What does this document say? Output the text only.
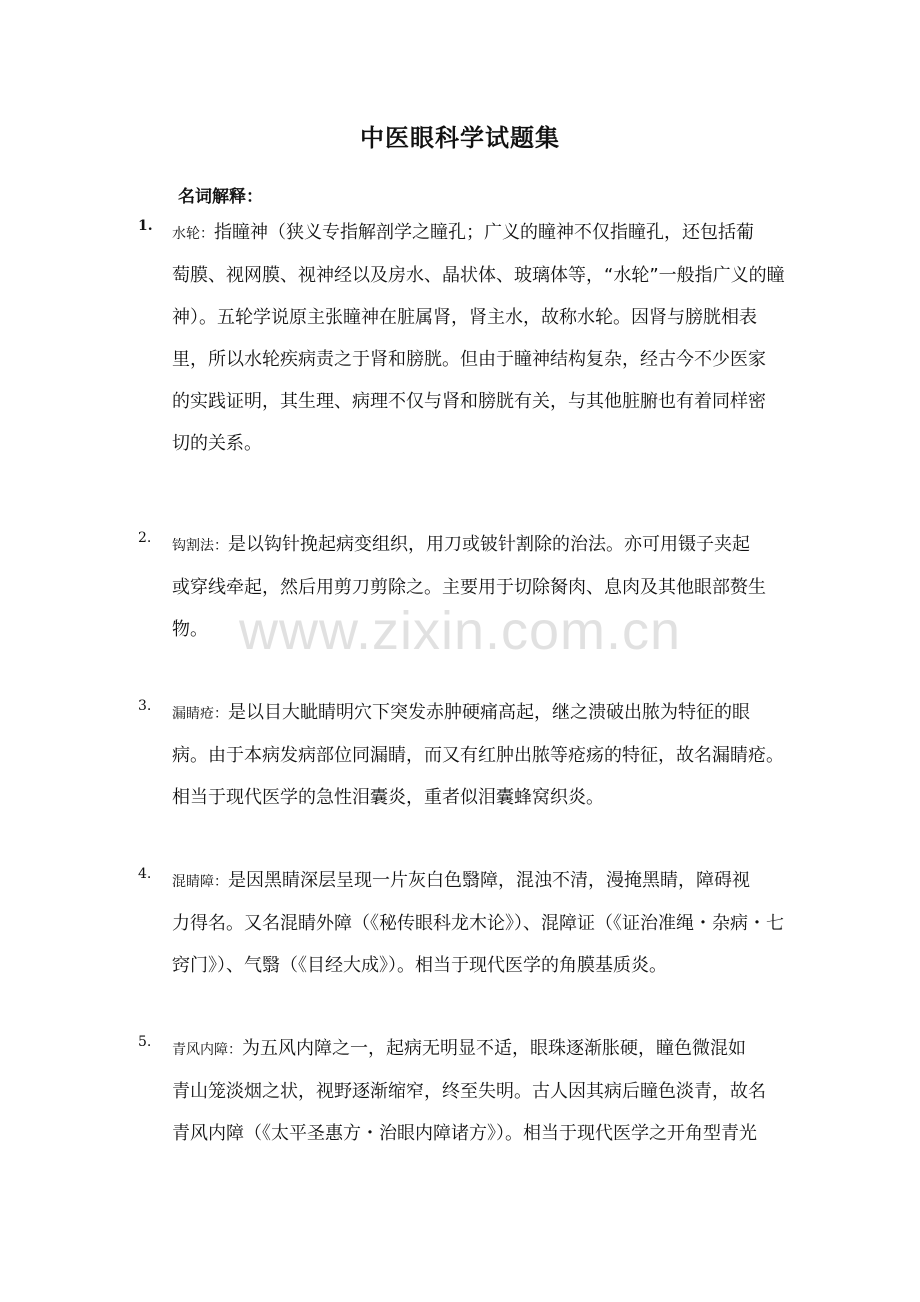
中医眼科学试题集
名词解释：
1. 水轮：指瞳神（狭义专指解剖学之瞳孔；广义的瞳神不仅指瞳孔，还包括葡
萄膜、视网膜、视神经以及房水、晶状体、玻璃体等，“水轮”一般指广义的瞳
神）。五轮学说原主张瞳神在脏属肾，肾主水，故称水轮。因肾与膀胱相表
里，所以水轮疾病责之于肾和膀胱。但由于瞳神结构复杂，经古今不少医家
的实践证明，其生理、病理不仅与肾和膀胱有关，与其他脏腑也有着同样密
切的关系。
2. 钩割法：是以钩针挽起病变组织，用刀或铍针割除的治法。亦可用镊子夹起
或穿线牵起，然后用剪刀剪除之。主要用于切除胬肉、息肉及其他眼部赘生
物。
3. 漏睛疮：是以目大眦睛明穴下突发赤肿硬痛高起，继之溃破出脓为特征的眼
病。由于本病发病部位同漏睛，而又有红肿出脓等疮疡的特征，故名漏睛疮。
相当于现代医学的急性泪囊炎，重者似泪囊蜂窝织炎。
4. 混睛障：是因黑睛深层呈现一片灰白色翳障，混浊不清，漫掩黑睛，障碍视
力得名。又名混睛外障（《秘传眼科龙木论》）、混障证（《证治准绳・杂病・七
窍门》）、气翳（《目经大成》）。相当于现代医学的角膜基质炎。
5. 青风内障：为五风内障之一，起病无明显不适，眼珠逐渐胀硬，瞳色微混如
青山笼淡烟之状，视野逐渐缩窄，终至失明。古人因其病后瞳色淡青，故名
青风内障（《太平圣惠方・治眼内障诸方》）。相当于现代医学之开角型青光
www.zixin.com.cn
